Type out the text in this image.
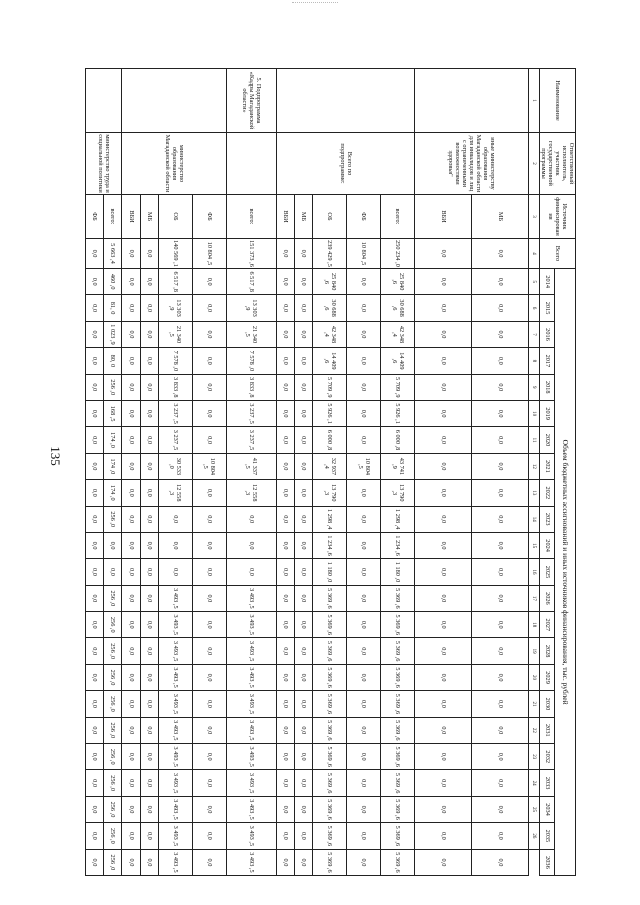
135
Наименование	Ответственный исполнитель, участник государственной программы	Источник финансирования	Всего	Объем бюджетных ассигнований и иных источников финансирования, тыс. рублей																						
				2014	2015	2016	2017	2018	2019	2020	2021	2022	2023	2024	2025	2026	2027	2028	2029	2030	2031	2032	2033	2034	2035	2036
1	2	3	4	5	6	7	8	9	10	11	12	13	14	15	16	17	18	19	20	21	22	23	24	25	26	
	иные министерству образования Магаданской области для инвалидов и лиц с ограниченными возможностями здоровья"	МБ	0,0	0,0	0,0	0,0	0,0	0,0	0,0	0,0	0,0	0,0	0,0	0,0	0,0	0,0	0,0	0,0	0,0	0,0	0,0	0,0	0,0	0,0	0,0	0,0
		ВБИ	0,0	0,0	0,0	0,0	0,0	0,0	0,0	0,0	0,0	0,0	0,0	0,0	0,0	0,0	0,0	0,0	0,0	0,0	0,0	0,0	0,0	0,0	0,0	0,0
	Всего по подпрограмме:	всего:	250 234 ,0	25 840 ,6	30 688 ,6	42 348 ,4	14 409 ,6	5 709 ,9	5 926 ,1	6 000 ,8	43 741 ,9	13 790 ,3	1 298 ,4	1 234 ,6	1 180 ,0	5 369 ,6	5 369 ,6	5 369 ,6	5 369 ,6	5 369 ,6	5 369 ,6	5 369 ,6	5 369 ,6	5 369 ,6	5 369 ,6	5 369 ,6
		ФБ	10 804 ,5	0,0	0,0	0,0	0,0	0,0	0,0	0,0	10 804 ,5	0,0	0,0	0,0	0,0	0,0	0,0	0,0	0,0	0,0	0,0	0,0	0,0	0,0	0,0	0,0
		ОБ	239 429 ,5	25 840 ,6	30 688 ,6	42 348 ,4	14 409 ,6	5 709 ,9	5 926 ,1	6 000 ,8	32 937 ,4	13 790 ,3	1 298 ,4	1 234 ,6	1 180 ,0	5 369 ,6	5 369 ,6	5 369 ,6	5 369 ,6	5 369 ,6	5 369 ,6	5 369 ,6	5 369 ,6	5 369 ,6	5 369 ,6	5 369 ,6
		МБ	0,0	0,0	0,0	0,0	0,0	0,0	0,0	0,0	0,0	0,0	0,0	0,0	0,0	0,0	0,0	0,0	0,0	0,0	0,0	0,0	0,0	0,0	0,0	0,0
		ВБИ	0,0	0,0	0,0	0,0	0,0	0,0	0,0	0,0	0,0	0,0	0,0	0,0	0,0	0,0	0,0	0,0	0,0	0,0	0,0	0,0	0,0	0,0	0,0	0,0
5. Подпрограмма «Кадры Магаданской области»		всего:	151 373 ,6	6 517 ,8	13 303 ,9	21 340 ,5	7 578 ,0	3 833 ,8	3 237 ,5	3 237 ,5	41 337 ,5	12 558 ,3	0,0	0,0	0,0	3 493 ,5	3 493 ,5	3 493 ,5	3 493 ,5	3 493 ,5	3 493 ,5	3 493 ,5	3 493 ,5	3 493 ,5	3 493 ,5	3 493 ,5
	министерство образования Магаданской области	ФБ	10 804 ,5	0,0	0,0	0,0	0,0	0,0	0,0	0,0	10 804 ,5	0,0	0,0	0,0	0,0	0,0	0,0	0,0	0,0	0,0	0,0	0,0	0,0	0,0	0,0	0,0
		ОБ	140 569 ,1	6 517 ,8	13 303 ,9	21 340 ,5	7 578 ,0	3 833 ,8	3 237 ,5	3 237 ,5	30 533 ,0	12 558 ,3	0,0	0,0	0,0	3 493 ,5	3 493 ,5	3 493 ,5	3 493 ,5	3 493 ,5	3 493 ,5	3 493 ,5	3 493 ,5	3 493 ,5	3 493 ,5	3 493 ,5
		МБ	0,0	0,0	0,0	0,0	0,0	0,0	0,0	0,0	0,0	0,0	0,0	0,0	0,0	0,0	0,0	0,0	0,0	0,0	0,0	0,0	0,0	0,0	0,0	0,0
		ВБИ	0,0	0,0	0,0	0,0	0,0	0,0	0,0	0,0	0,0	0,0	0,0	0,0	0,0	0,0	0,0	0,0	0,0	0,0	0,0	0,0	0,0	0,0	0,0	0,0
	министерство труда и социальной политики	всего:	5 663 ,4	460 ,0	81, 0	1 023 ,9	80, 0	256 ,0	168 ,5	174 ,0	174 ,0	174 ,0	256 ,0	0,0	0,0	256 ,0	256 ,0	256 ,0	256 ,0	256 ,0	256 ,0	256 ,0	256 ,0	256 ,0	256 ,0	256 ,0
		ФБ	0,0	0,0	0,0	0,0	0,0	0,0	0,0	0,0	0,0	0,0	0,0	0,0	0,0	0,0	0,0	0,0	0,0	0,0	0,0	0,0	0,0	0,0	0,0	0,0
